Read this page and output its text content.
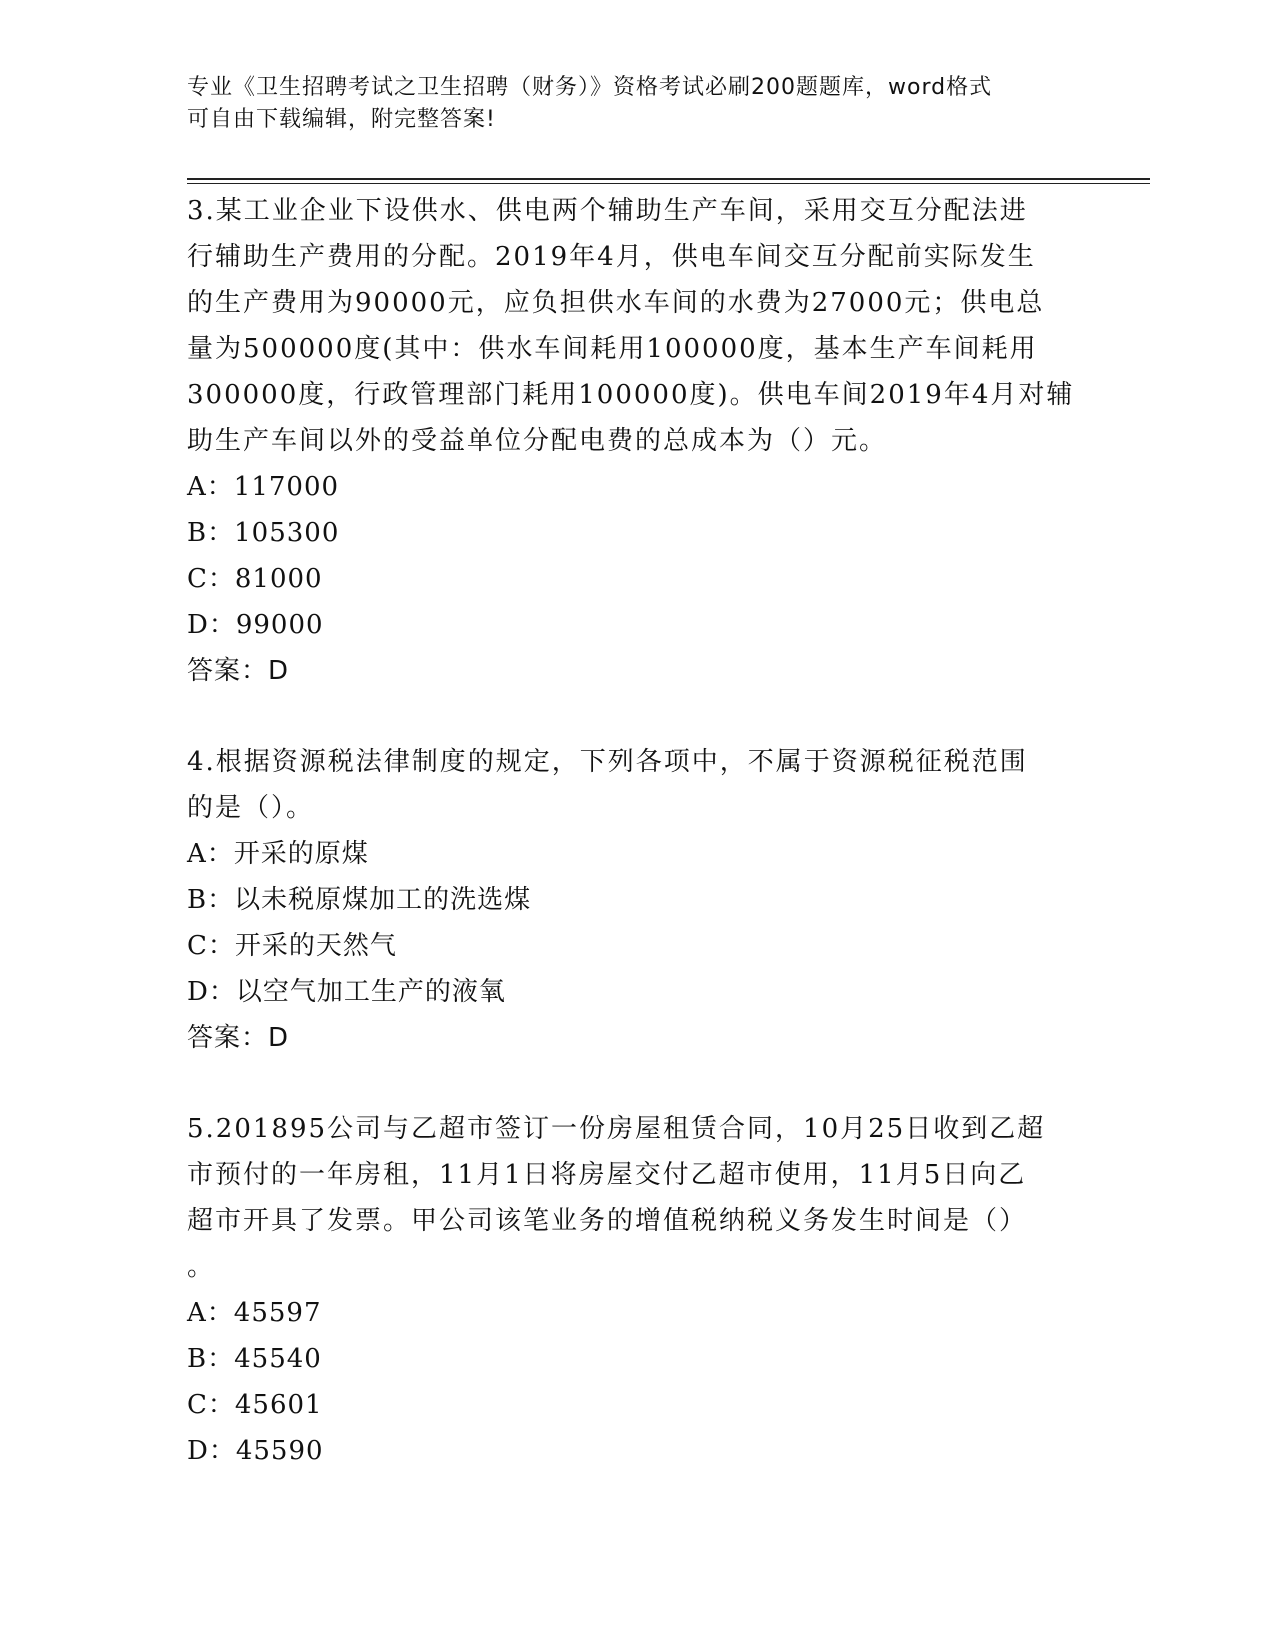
专业《卫生招聘考试之卫生招聘（财务）》资格考试必刷200题题库，word格式
可自由下载编辑，附完整答案!
3.某工业企业下设供水、供电两个辅助生产车间，采用交互分配法进
行辅助生产费用的分配。2019年4月，供电车间交互分配前实际发生
的生产费用为90000元，应负担供水车间的水费为27000元；供电总
量为500000度(其中：供水车间耗用100000度，基本生产车间耗用
300000度，行政管理部门耗用100000度)。供电车间2019年4月对辅
助生产车间以外的受益单位分配电费的总成本为（）元。
A：117000
B：105300
C：81000
D：99000
答案：D
4.根据资源税法律制度的规定，下列各项中，不属于资源税征税范围
的是（）。
A：开采的原煤
B：以未税原煤加工的洗选煤
C：开采的天然气
D：以空气加工生产的液氧
答案：D
5.201895公司与乙超市签订一份房屋租赁合同，10月25日收到乙超
市预付的一年房租，11月1日将房屋交付乙超市使用，11月5日向乙
超市开具了发票。甲公司该笔业务的增值税纳税义务发生时间是（）
。
A：45597
B：45540
C：45601
D：45590
